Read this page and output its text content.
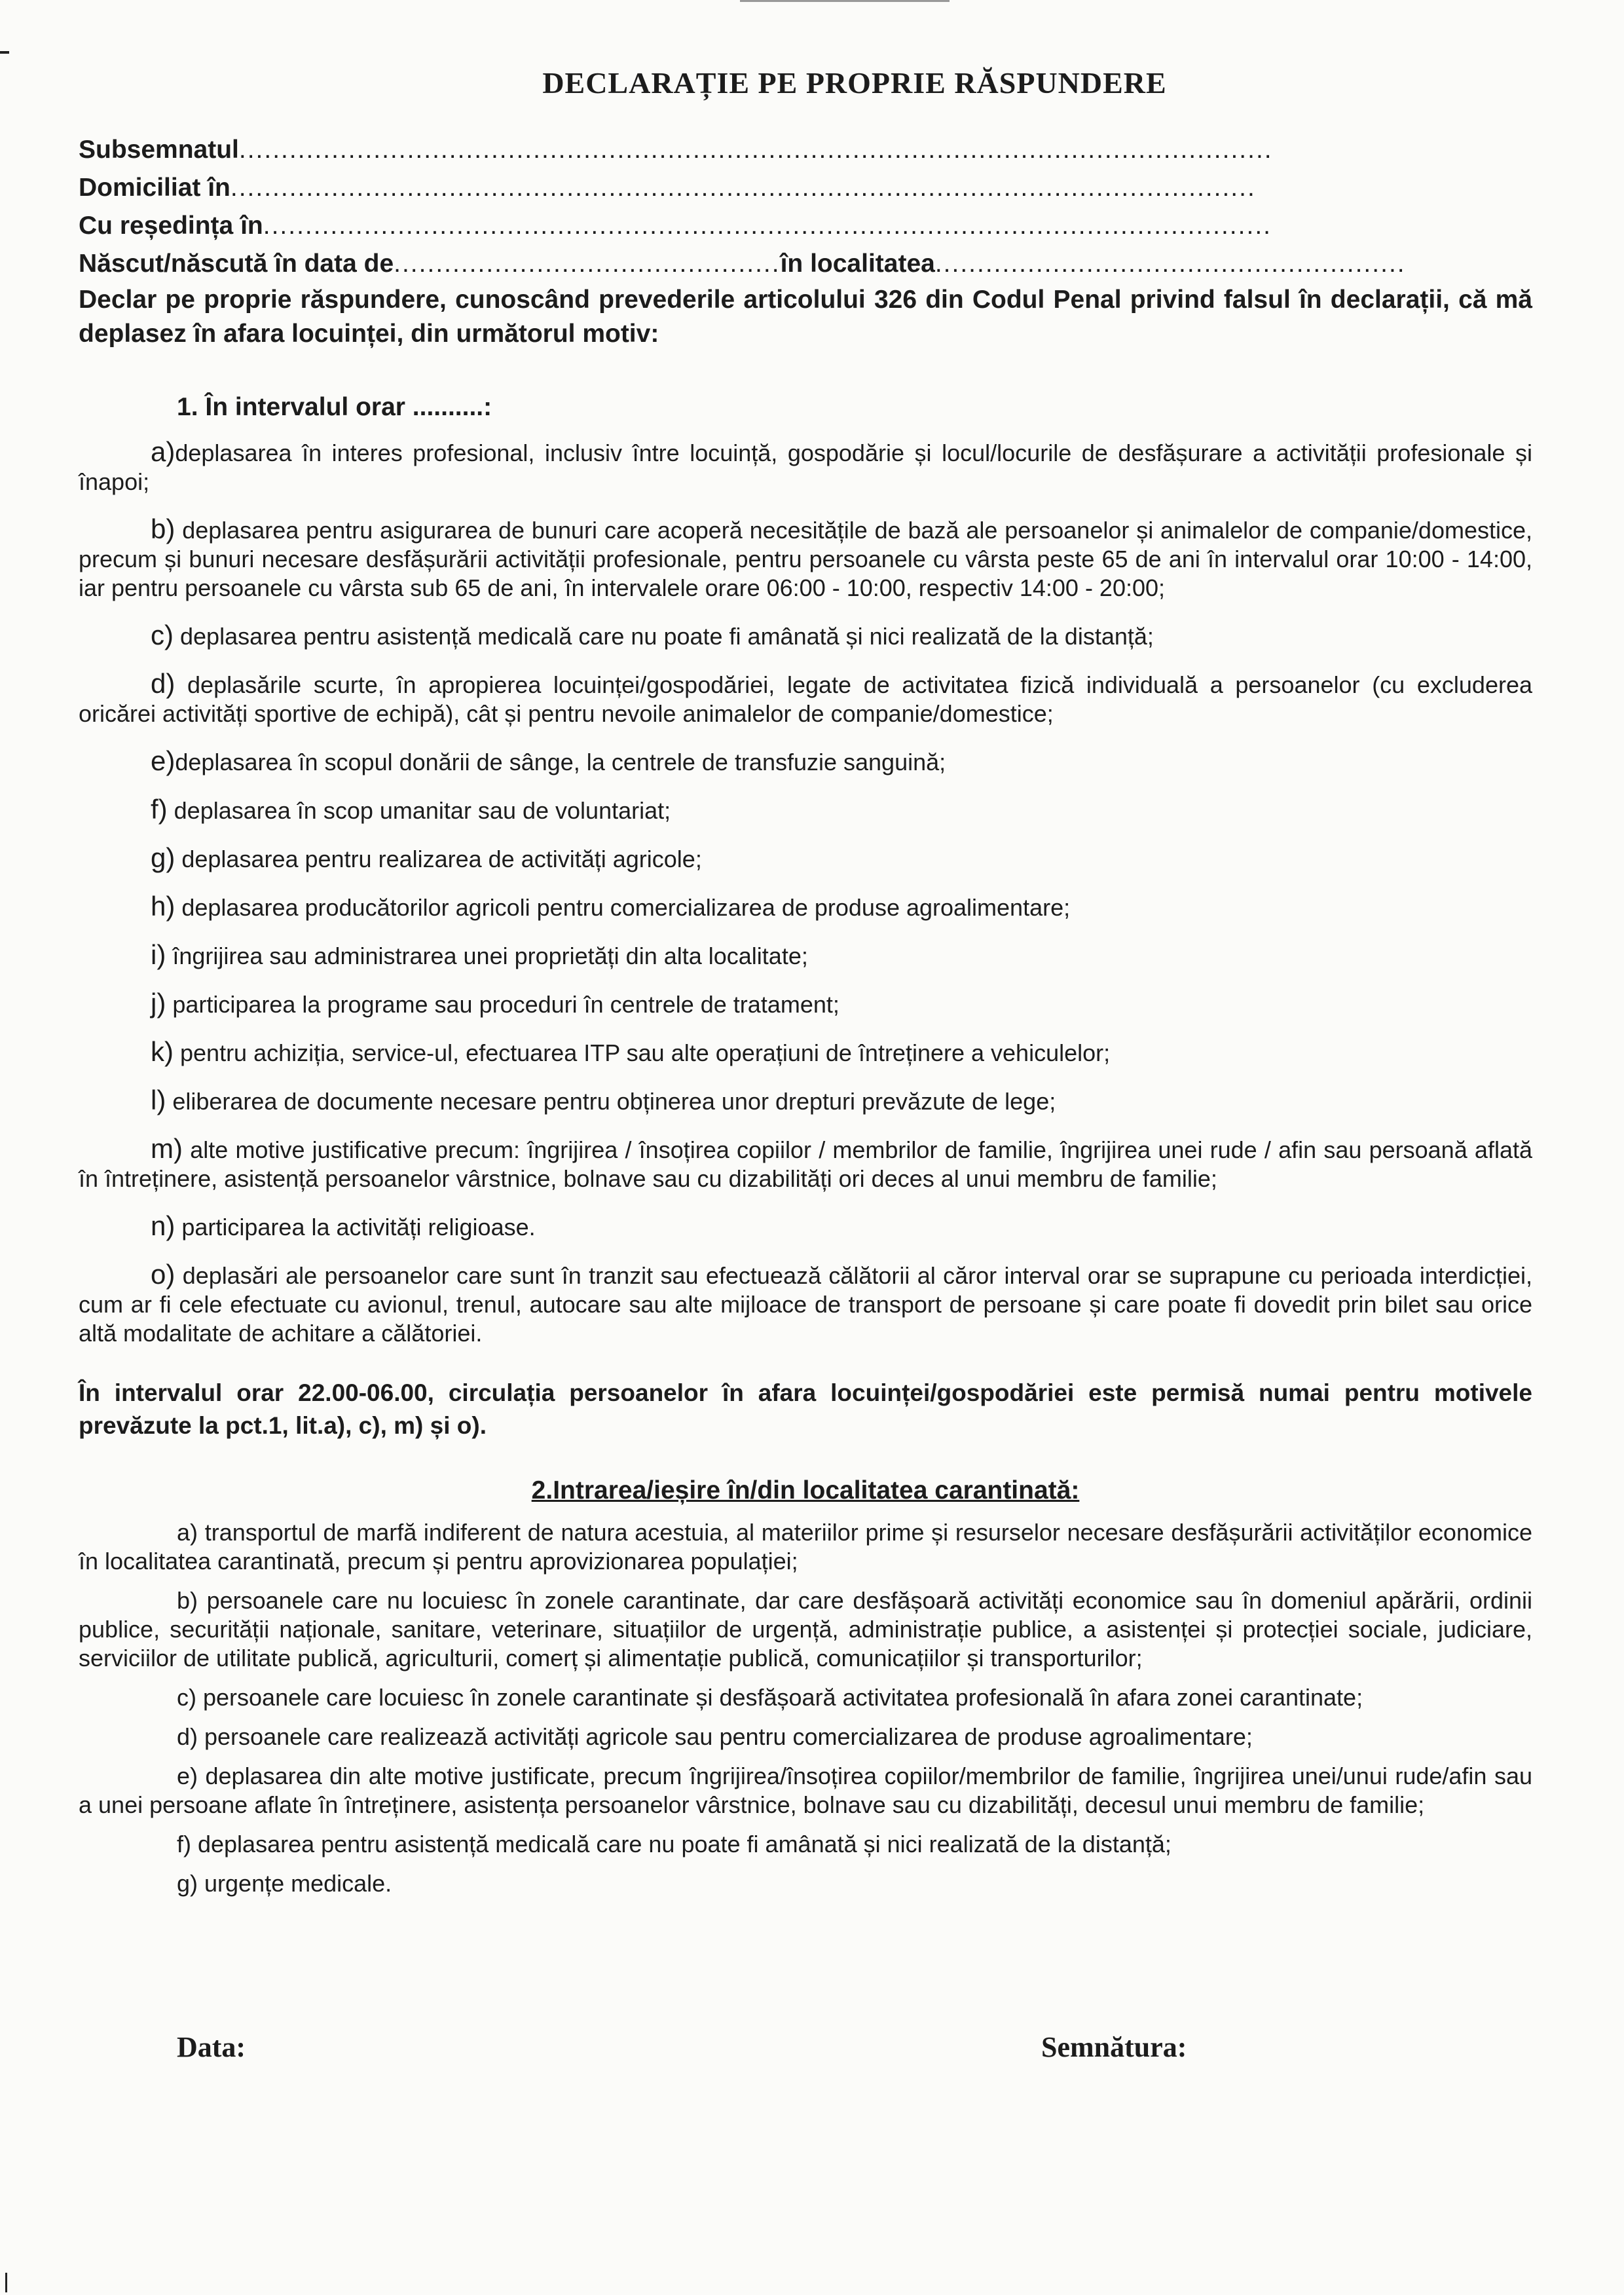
DECLARAȚIE PE PROPRIE RĂSPUNDERE
Subsemnatul...........................................................................................................................
Domiciliat în..........................................................................................................................
Cu reședința în........................................................................................................................
Născut/născută în data de..............................................în localitatea........................................................
Declar pe proprie răspundere, cunoscând prevederile articolului 326 din Codul Penal privind falsul în declarații, că mă deplasez în afara locuinței, din următorul motiv:
1. În intervalul orar ..........:
a)deplasarea în interes profesional, inclusiv între locuință, gospodărie și locul/locurile de desfășurare a activității profesionale și înapoi;
b) deplasarea pentru asigurarea de bunuri care acoperă necesitățile de bază ale persoanelor și animalelor de companie/domestice, precum și bunuri necesare desfășurării activității profesionale, pentru persoanele cu vârsta peste 65 de ani în intervalul orar 10:00 - 14:00, iar pentru persoanele cu vârsta sub 65 de ani, în intervalele orare 06:00 - 10:00, respectiv 14:00 - 20:00;
c) deplasarea pentru asistență medicală care nu poate fi amânată și nici realizată de la distanță;
d) deplasările scurte, în apropierea locuinței/gospodăriei, legate de activitatea fizică individuală a persoanelor (cu excluderea oricărei activități sportive de echipă), cât și pentru nevoile animalelor de companie/domestice;
e)deplasarea în scopul donării de sânge, la centrele de transfuzie sanguină;
f) deplasarea în scop umanitar sau de voluntariat;
g) deplasarea pentru realizarea de activități agricole;
h) deplasarea producătorilor agricoli pentru comercializarea de produse agroalimentare;
i) îngrijirea sau administrarea unei proprietăți din alta localitate;
j) participarea la programe sau proceduri în centrele de tratament;
k) pentru achiziția, service-ul, efectuarea ITP sau alte operațiuni de întreținere a vehiculelor;
l) eliberarea de documente necesare pentru obținerea unor drepturi prevăzute de lege;
m) alte motive justificative precum: îngrijirea / însoțirea copiilor / membrilor de familie, îngrijirea unei rude / afin sau persoană aflată în întreținere, asistență persoanelor vârstnice, bolnave sau cu dizabilități ori deces al unui membru de familie;
n) participarea la activități religioase.
o) deplasări ale persoanelor care sunt în tranzit sau efectuează călătorii al căror interval orar se suprapune cu perioada interdicției, cum ar fi cele efectuate cu avionul, trenul, autocare sau alte mijloace de transport de persoane și care poate fi dovedit prin bilet sau orice altă modalitate de achitare a călătoriei.
În intervalul orar 22.00-06.00, circulația persoanelor în afara locuinței/gospodăriei este permisă numai pentru motivele prevăzute la pct.1, lit.a), c), m) și o).
2.Intrarea/ieșire în/din localitatea carantinată:
a) transportul de marfă indiferent de natura acestuia, al materiilor prime și resurselor necesare desfășurării activităților economice în localitatea carantinată, precum și pentru aprovizionarea populației;
b) persoanele care nu locuiesc în zonele carantinate, dar care desfășoară activități economice sau în domeniul apărării, ordinii publice, securității naționale, sanitare, veterinare, situațiilor de urgență, administrație publice, a asistenței și protecției sociale, judiciare, serviciilor de utilitate publică, agriculturii, comerț și alimentație publică, comunicațiilor și transporturilor;
c) persoanele care locuiesc în zonele carantinate și desfășoară activitatea profesională în afara zonei carantinate;
d) persoanele care realizează activități agricole sau pentru comercializarea de produse agroalimentare;
e) deplasarea din alte motive justificate, precum îngrijirea/însoțirea copiilor/membrilor de familie, îngrijirea unei/unui rude/afin sau a unei persoane aflate în întreținere, asistența persoanelor vârstnice, bolnave sau cu dizabilități, decesul unui membru de familie;
f) deplasarea pentru asistență medicală care nu poate fi amânată și nici realizată de la distanță;
g) urgențe medicale.
Data:	Semnătura:
